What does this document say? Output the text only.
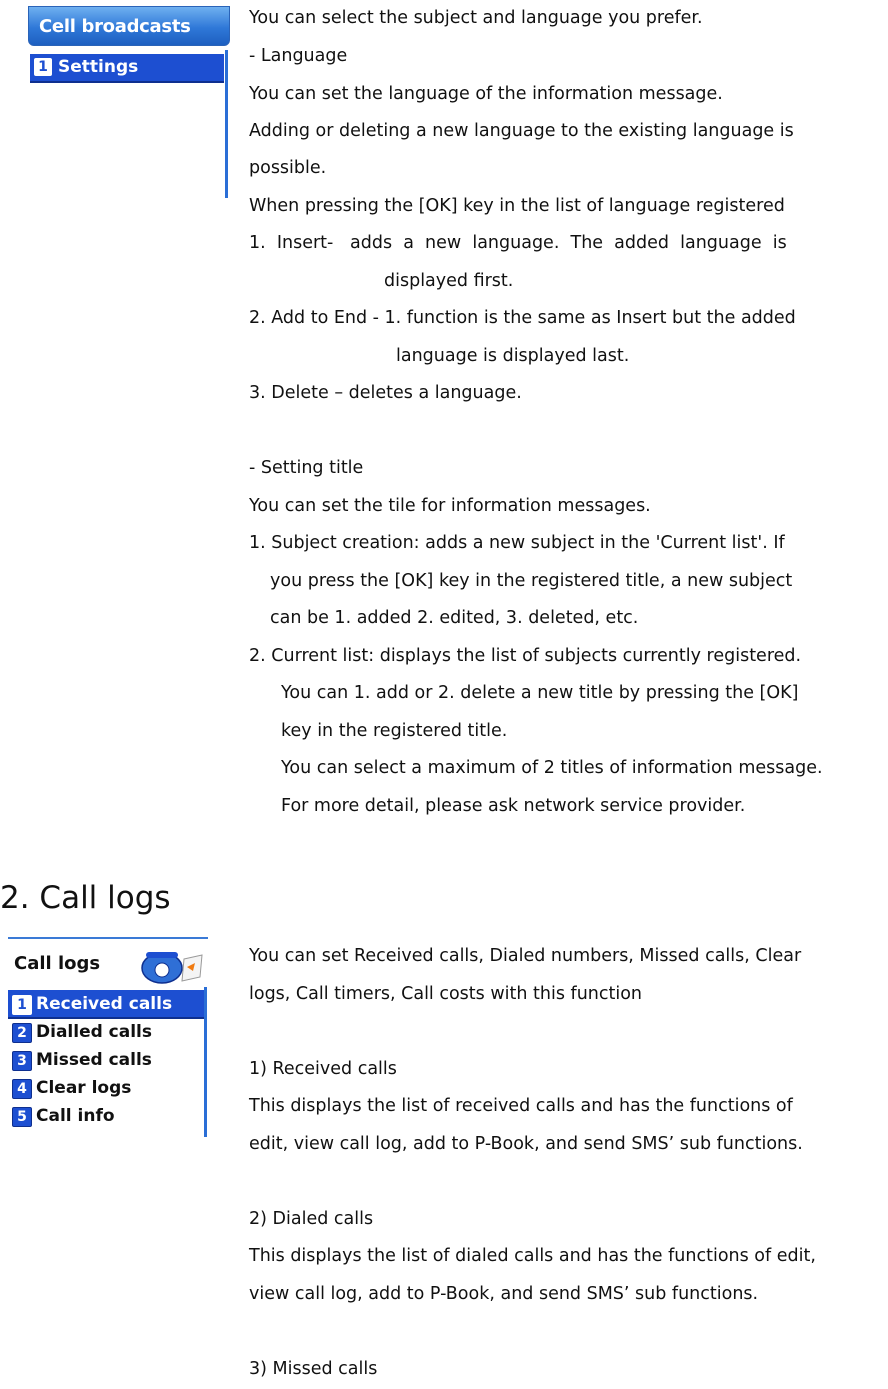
Cell broadcasts
1 Settings

You can select the subject and language you prefer.

- Language

You can set the language of the information message.

Adding or deleting a new language to the existing language is

possible.

When pressing the [OK] key in the list of language registered

1.  Insert-   adds  a  new  language.  The  added  language  is

displayed first.

2. Add to End - 1. function is the same as Insert but the added

language is displayed last.

3. Delete – deletes a language.

- Setting title

You can set the tile for information messages.

1. Subject creation: adds a new subject in the 'Current list'. If

you press the [OK] key in the registered title, a new subject

can be 1. added 2. edited, 3. deleted, etc.

2. Current list: displays the list of subjects currently registered.

You can 1. add or 2. delete a new title by pressing the [OK]

key in the registered title.

You can select a maximum of 2 titles of information message.

For more detail, please ask network service provider.

2. Call logs
Call logs
1 Received calls
2 Dialled calls
3 Missed calls
4 Clear logs
5 Call info

You can set Received calls, Dialed numbers, Missed calls, Clear

logs, Call timers, Call costs with this function

1) Received calls

This displays the list of received calls and has the functions of

edit, view call log, add to P-Book, and send SMS’ sub functions.

2) Dialed calls

This displays the list of dialed calls and has the functions of edit,

view call log, add to P-Book, and send SMS’ sub functions.

3) Missed calls
